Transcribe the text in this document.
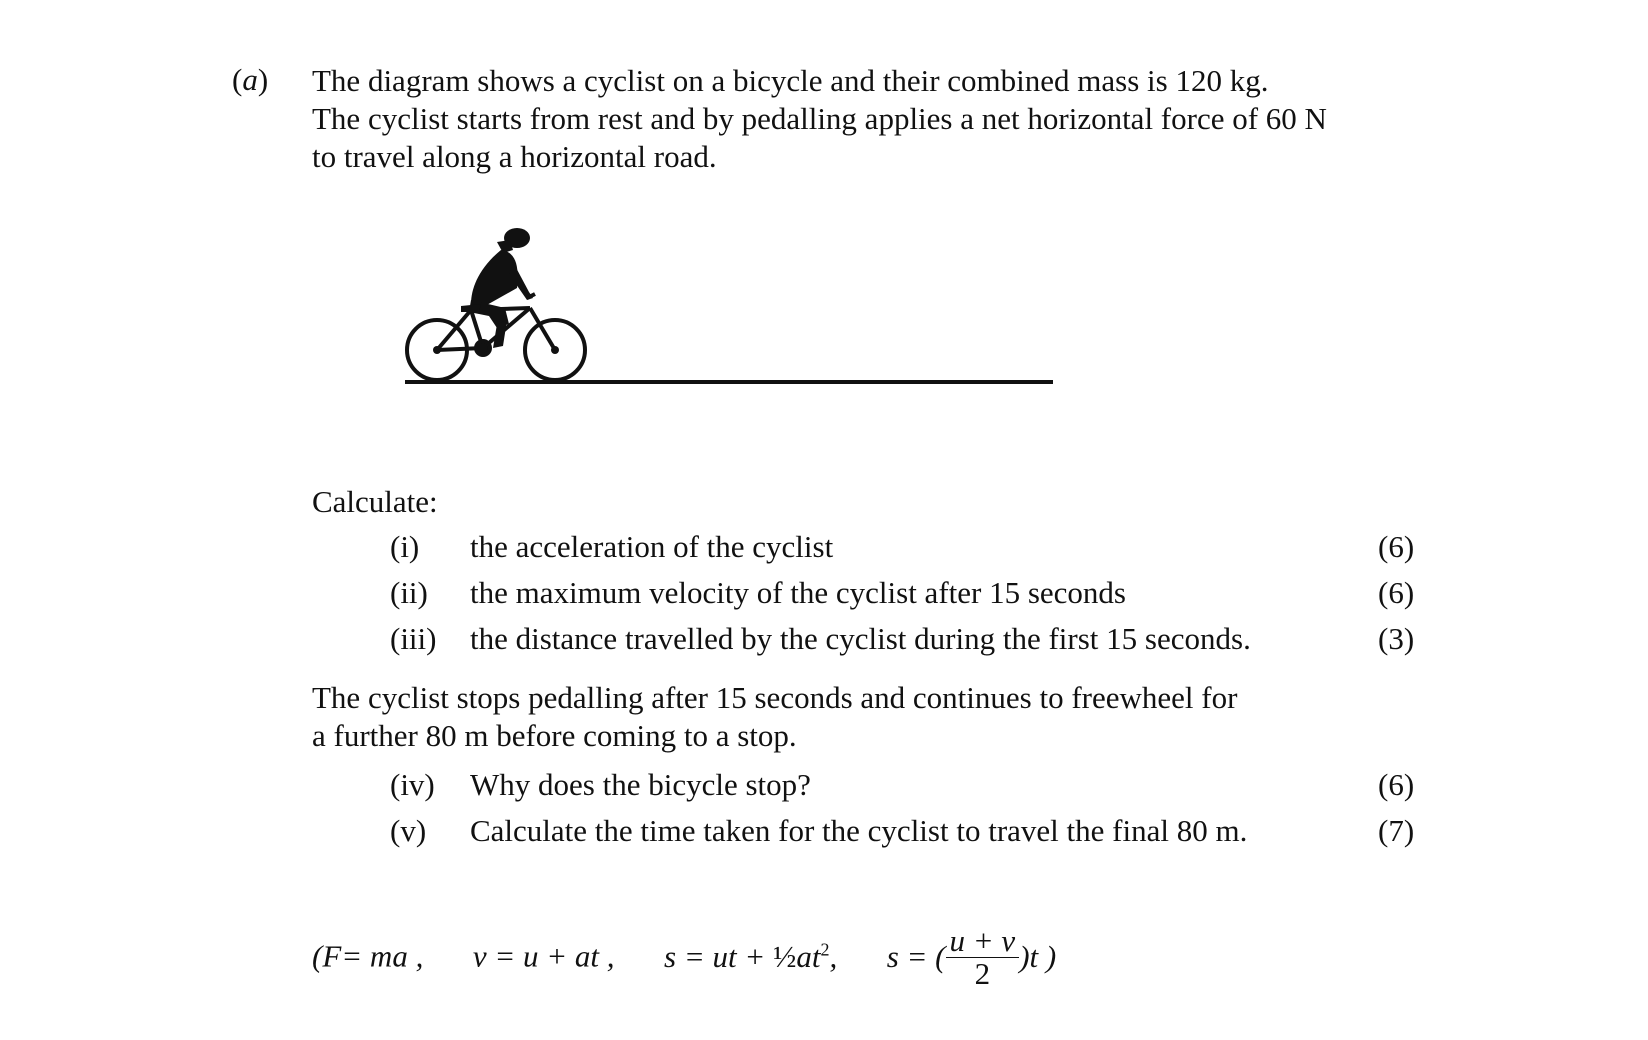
(a) The diagram shows a cyclist on a bicycle and their combined mass is 120 kg.
The cyclist starts from rest and by pedalling applies a net horizontal force of 60 N
to travel along a horizontal road.
Calculate:
(i) the acceleration of the cyclist	(6)
(ii) the maximum velocity of the cyclist after 15 seconds	(6)
(iii) the distance travelled by the cyclist during the first 15 seconds.	(3)
The cyclist stops pedalling after 15 seconds and continues to freewheel for
a further 80 m before coming to a stop.
(iv) Why does the bicycle stop?	(6)
(v) Calculate the time taken for the cyclist to travel the final 80 m.	(7)
(F= ma , v = u + at , s = ut + $\frac{1}{2}at^2$, s = ( $\frac{u + v}{2} )t$ )
